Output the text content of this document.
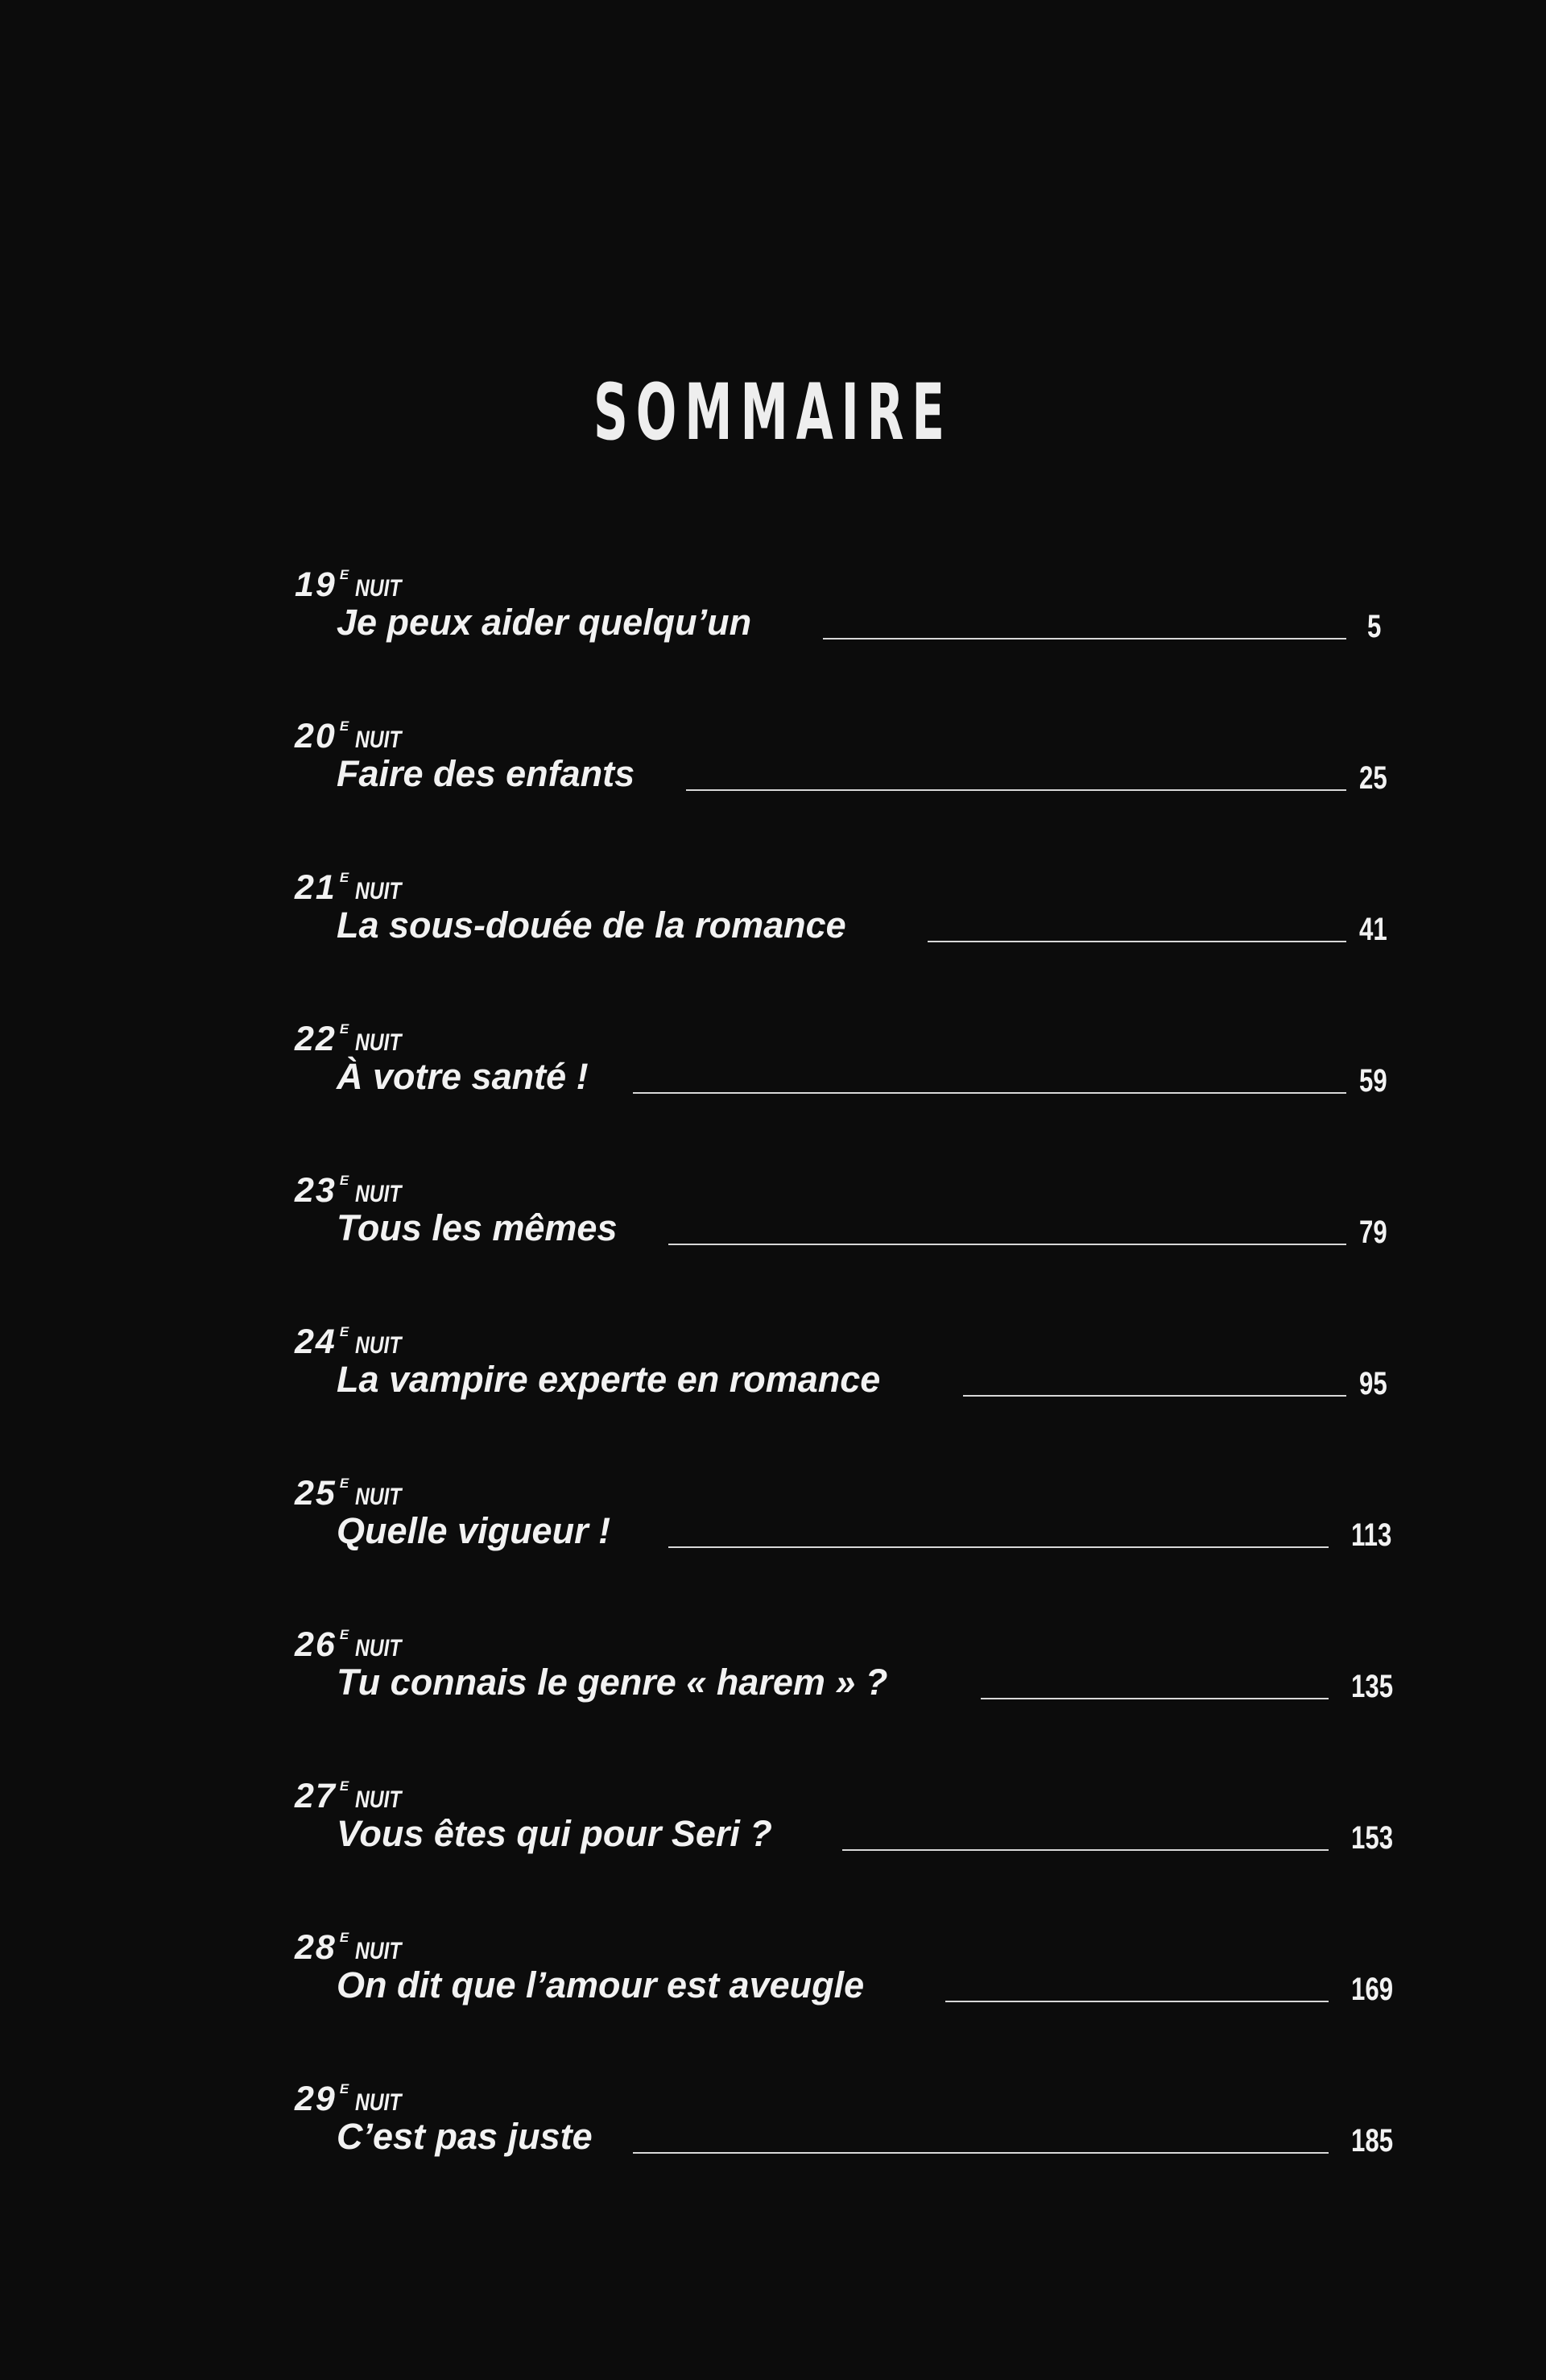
SOMMAIRE
19 ENUIT
Je peux aider quelqu’un	5
20 ENUIT
Faire des enfants	25
21 ENUIT
La sous-douée de la romance	41
22 ENUIT
À votre santé !	59
23 ENUIT
Tous les mêmes	79
24 ENUIT
La vampire experte en romance	95
25 ENUIT
Quelle vigueur !	113
26 ENUIT
Tu connais le genre « harem » ?	135
27 ENUIT
Vous êtes qui pour Seri ?	153
28 ENUIT
On dit que l’amour est aveugle	169
29 ENUIT
C’est pas juste	185
